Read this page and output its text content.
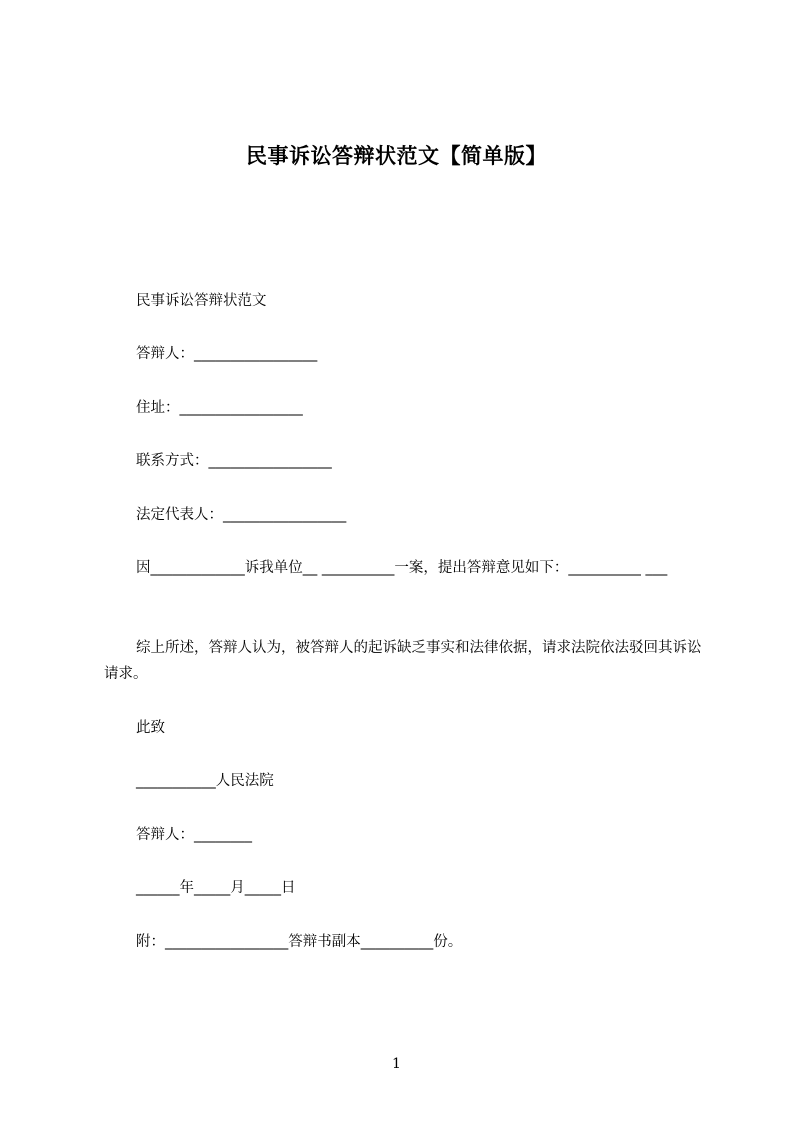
民事诉讼答辩状范文【简单版】
民事诉讼答辩状范文
答辩人：_________________
住址：_________________
联系方式：_________________
法定代表人：_________________
因_____________诉我单位__ __________一案，提出答辩意见如下：__________ ___
综上所述，答辩人认为，被答辩人的起诉缺乏事实和法律依据，请求法院依法驳回其诉讼请求。
此致
___________人民法院
答辩人：________
______年_____月_____日
附：_________________答辩书副本__________份。
1
